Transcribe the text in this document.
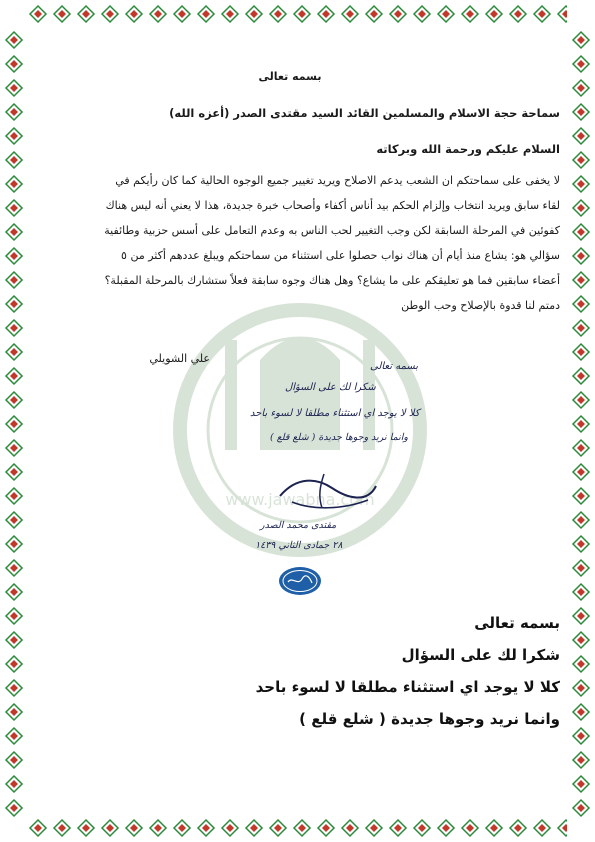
www.jawabna.com
بسمه تعالى
سماحة حجة الاسلام والمسلمين القائد السيد مقتدى الصدر (أعزه الله)
السلام عليكم ورحمة الله وبركاته
لا يخفى على سماحتكم ان الشعب يدعم الاصلاح ويريد تغيير جميع الوجوه الحالية كما كان رأيكم في
لقاء سابق ويريد انتخاب وإلزام الحكم بيد أناس أكفاء وأصحاب خبرة جديدة، هذا لا يعني أنه ليس هناك
كفوئين في المرحلة السابقة لكن وجب التغيير لحب الناس به وعدم التعامل على أسس حزبية وطائفية
سؤالي هو: يشاع منذ أيام أن هناك نواب حصلوا على استثناء من سماحتكم ويبلغ عددهم أكثر من ٥
أعضاء سابقين فما هو تعليقكم على ما يشاع؟ وهل هناك وجوه سابقة فعلاً ستشارك بالمرحلة المقبلة؟
دمتم لنا قدوة بالإصلاح وحب الوطن
علي الشويلي
بسمه تعالى
شكرا لك على السؤال
كلا لا يوجد اي استثناء مطلقا لا لسوء باحد
وانما نريد وجوها جديدة ( شلع قلع )
مقتدى محمد الصدر
٢٨ جمادى الثاني ١٤٣٩
بسمه تعالى
شكرا لك على السؤال
كلا لا يوجد اي استثناء مطلقا لا لسوء باحد
وانما نريد وجوها جديدة ( شلع قلع )
